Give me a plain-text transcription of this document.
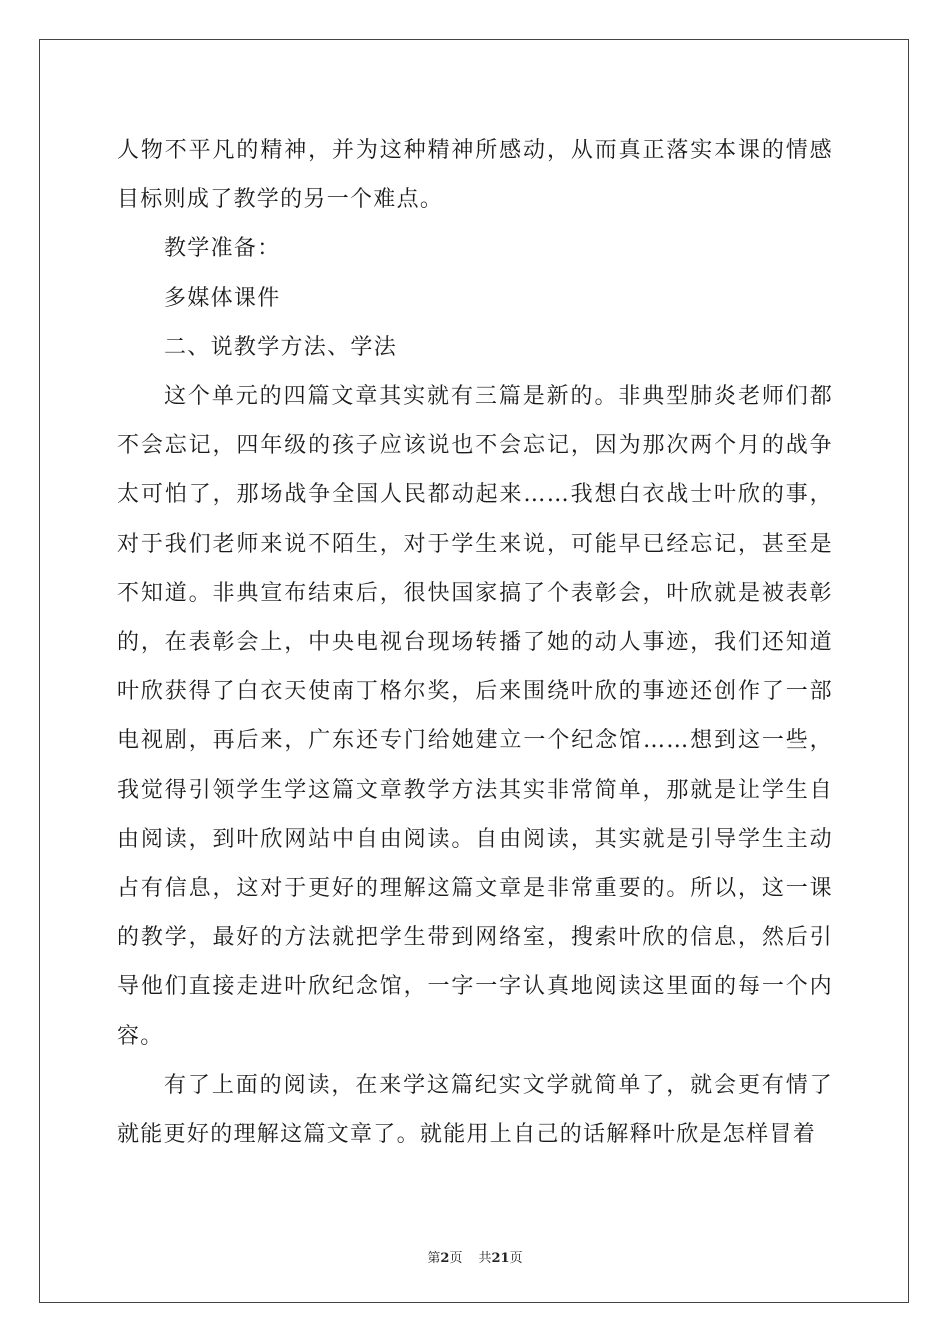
人物不平凡的精神，并为这种精神所感动，从而真正落实本课的情感目标则成了教学的另一个难点。

教学准备：

多媒体课件

二、说教学方法、学法

这个单元的四篇文章其实就有三篇是新的。非典型肺炎老师们都不会忘记，四年级的孩子应该说也不会忘记，因为那次两个月的战争太可怕了，那场战争全国人民都动起来……我想白衣战士叶欣的事，对于我们老师来说不陌生，对于学生来说，可能早已经忘记，甚至是不知道。非典宣布结束后，很快国家搞了个表彰会，叶欣就是被表彰的，在表彰会上，中央电视台现场转播了她的动人事迹，我们还知道叶欣获得了白衣天使南丁格尔奖，后来围绕叶欣的事迹还创作了一部电视剧，再后来，广东还专门给她建立一个纪念馆……想到这一些，我觉得引领学生学这篇文章教学方法其实非常简单，那就是让学生自由阅读，到叶欣网站中自由阅读。自由阅读，其实就是引导学生主动占有信息，这对于更好的理解这篇文章是非常重要的。所以，这一课的教学，最好的方法就把学生带到网络室，搜索叶欣的信息，然后引导他们直接走进叶欣纪念馆，一字一字认真地阅读这里面的每一个内容。

有了上面的阅读，在来学这篇纪实文学就简单了，就会更有情了就能更好的理解这篇文章了。就能用上自己的话解释叶欣是怎样冒着

第2页 共21页
